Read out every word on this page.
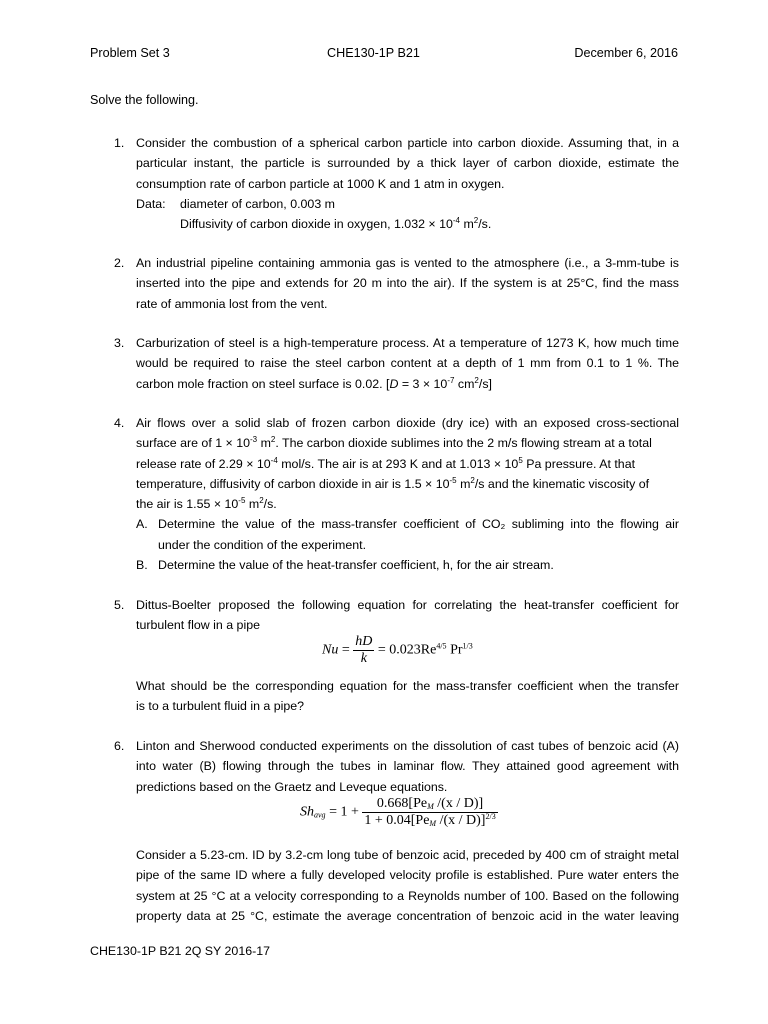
Problem Set 3	CHE130-1P B21	December 6, 2016
Solve the following.
1. Consider the combustion of a spherical carbon particle into carbon dioxide. Assuming that, in a
particular instant, the particle is surrounded by a thick layer of carbon dioxide, estimate the
consumption rate of carbon particle at 1000 K and 1 atm in oxygen.
Data: diameter of carbon, 0.003 m
Diffusivity of carbon dioxide in oxygen, $1.032 \times 10^{-4}$ $m^2/s$.
2. An industrial pipeline containing ammonia gas is vented to the atmosphere (i.e., a 3-mm-tube is
inserted into the pipe and extends for 20 m into the air). If the system is at 25°C, find the mass
rate of ammonia lost from the vent.
3. Carburization of steel is a high-temperature process. At a temperature of 1273 K, how much time
would be required to raise the steel carbon content at a depth of 1 mm from 0.1 to 1 %. The
carbon mole fraction on steel surface is 0.02. [$D = 3 \times 10^{-7}$ $cm^2/s$]
4. Air flows over a solid slab of frozen carbon dioxide (dry ice) with an exposed cross-sectional
surface are of $1 \times 10^{-3}$ $m^2$. The carbon dioxide sublimes into the 2 m/s flowing stream at a total
release rate of $2.29 \times 10^{-4}$ mol/s. The air is at 293 K and at $1.013 \times 10^5$ Pa pressure. At that
temperature, diffusivity of carbon dioxide in air is $1.5 \times 10^{-5}$ $m^2/s$ and the kinematic viscosity of
the air is $1.55 \times 10^{-5}$ $m^2/s$.
A. Determine the value of the mass-transfer coefficient of CO₂ subliming into the flowing air
under the condition of the experiment.
B. Determine the value of the heat-transfer coefficient, h, for the air stream.
5. Dittus-Boelter proposed the following equation for correlating the heat-transfer coefficient for
turbulent flow in a pipe
$Nu = \frac{hD}{k} = 0.023Re^{4/5}$ $Pr^{1/3}$
What should be the corresponding equation for the mass-transfer coefficient when the transfer
is to a turbulent fluid in a pipe?
6. Linton and Sherwood conducted experiments on the dissolution of cast tubes of benzoic acid (A)
into water (B) flowing through the tubes in laminar flow. They attained good agreement with
predictions based on the Graetz and Leveque equations.
$Sh_{avg} = 1 + \frac{0.668[Pe_M /(x / D)]}{1 + 0.04[Pe_M /(x / D)]^{2/3}}$
Consider a 5.23-cm. ID by 3.2-cm long tube of benzoic acid, preceded by 400 cm of straight metal
pipe of the same ID where a fully developed velocity profile is established. Pure water enters the
system at 25 °C at a velocity corresponding to a Reynolds number of 100. Based on the following
property data at 25 °C, estimate the average concentration of benzoic acid in the water leaving
CHE130-1P B21 2Q SY 2016-17
